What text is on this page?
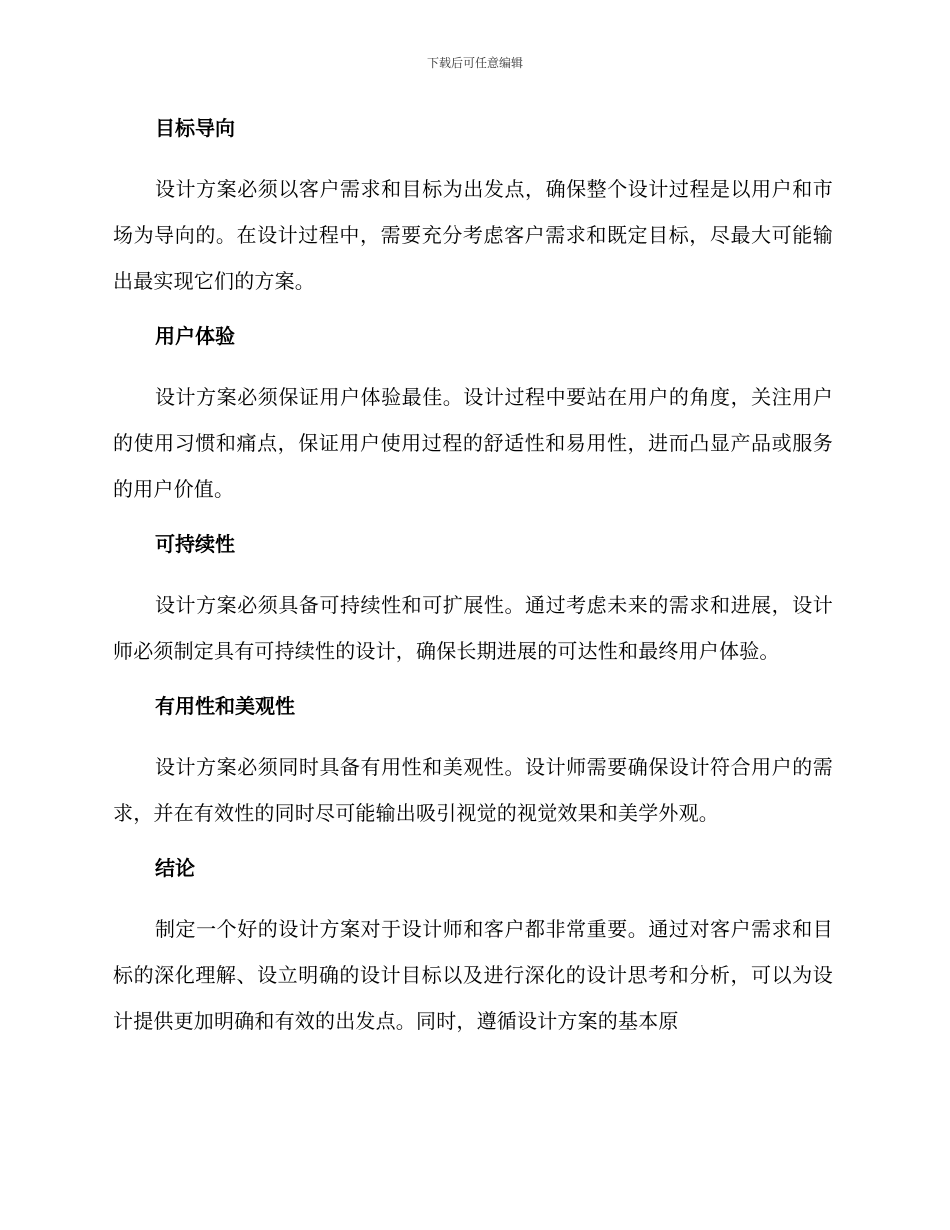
下载后可任意编辑
目标导向
设计方案必须以客户需求和目标为出发点，确保整个设计过程是以用户和市场为导向的。在设计过程中，需要充分考虑客户需求和既定目标，尽最大可能输出最实现它们的方案。
用户体验
设计方案必须保证用户体验最佳。设计过程中要站在用户的角度，关注用户的使用习惯和痛点，保证用户使用过程的舒适性和易用性，进而凸显产品或服务的用户价值。
可持续性
设计方案必须具备可持续性和可扩展性。通过考虑未来的需求和进展，设计师必须制定具有可持续性的设计，确保长期进展的可达性和最终用户体验。
有用性和美观性
设计方案必须同时具备有用性和美观性。设计师需要确保设计符合用户的需求，并在有效性的同时尽可能输出吸引视觉的视觉效果和美学外观。
结论
制定一个好的设计方案对于设计师和客户都非常重要。通过对客户需求和目标的深化理解、设立明确的设计目标以及进行深化的设计思考和分析，可以为设计提供更加明确和有效的出发点。同时，遵循设计方案的基本原
